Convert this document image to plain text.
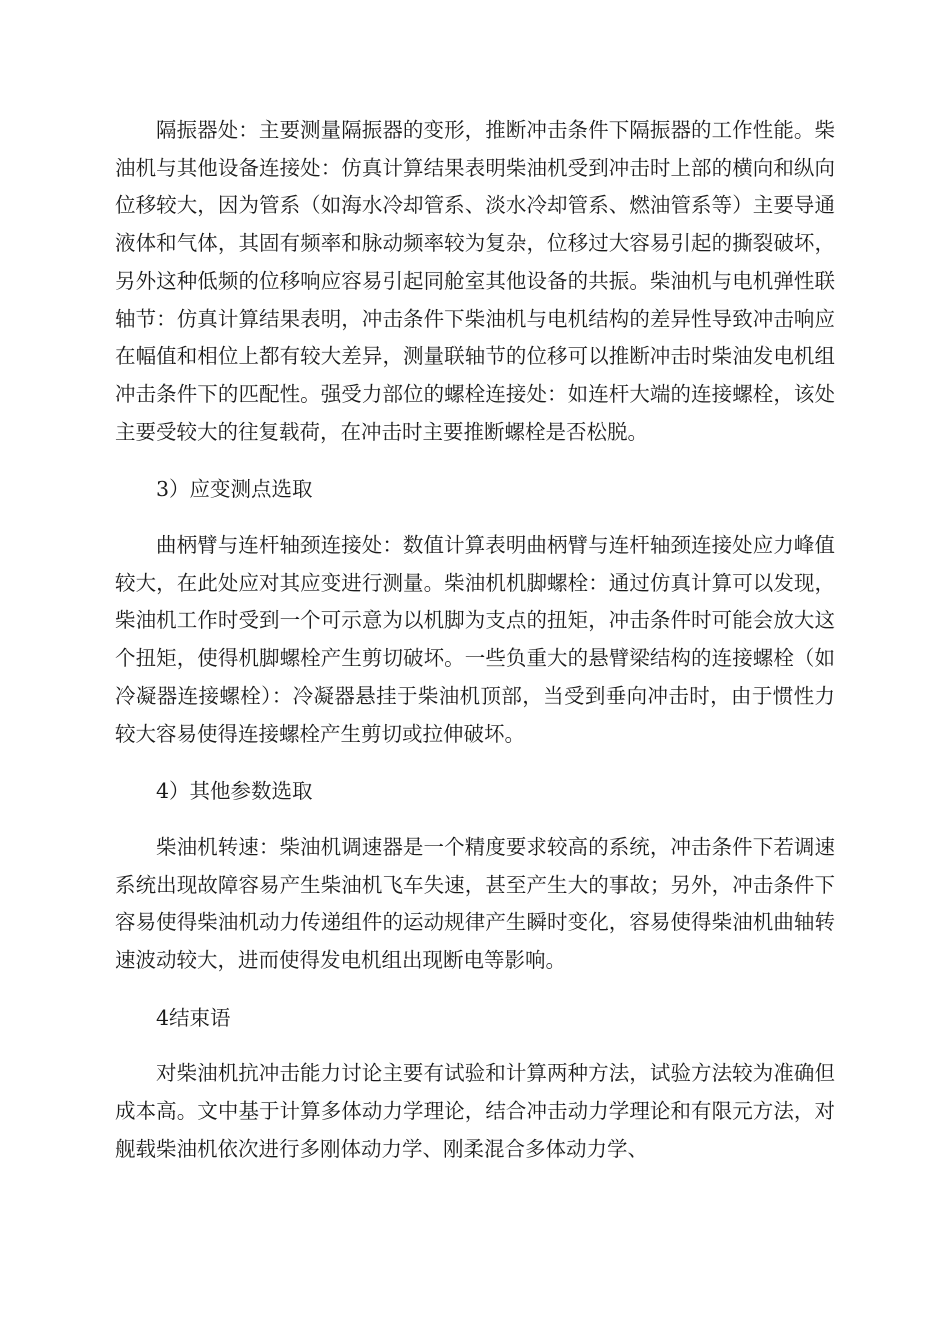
隔振器处：主要测量隔振器的变形，推断冲击条件下隔振器的工作性能。柴油机与其他设备连接处：仿真计算结果表明柴油机受到冲击时上部的横向和纵向位移较大，因为管系（如海水冷却管系、淡水冷却管系、燃油管系等）主要导通液体和气体，其固有频率和脉动频率较为复杂，位移过大容易引起的撕裂破坏，另外这种低频的位移响应容易引起同舱室其他设备的共振。柴油机与电机弹性联轴节：仿真计算结果表明，冲击条件下柴油机与电机结构的差异性导致冲击响应在幅值和相位上都有较大差异，测量联轴节的位移可以推断冲击时柴油发电机组冲击条件下的匹配性。强受力部位的螺栓连接处：如连杆大端的连接螺栓，该处主要受较大的往复载荷，在冲击时主要推断螺栓是否松脱。

3）应变测点选取

曲柄臂与连杆轴颈连接处：数值计算表明曲柄臂与连杆轴颈连接处应力峰值较大，在此处应对其应变进行测量。柴油机机脚螺栓：通过仿真计算可以发现，柴油机工作时受到一个可示意为以机脚为支点的扭矩，冲击条件时可能会放大这个扭矩，使得机脚螺栓产生剪切破坏。一些负重大的悬臂梁结构的连接螺栓（如冷凝器连接螺栓）：冷凝器悬挂于柴油机顶部，当受到垂向冲击时，由于惯性力较大容易使得连接螺栓产生剪切或拉伸破坏。

4）其他参数选取

柴油机转速：柴油机调速器是一个精度要求较高的系统，冲击条件下若调速系统出现故障容易产生柴油机飞车失速，甚至产生大的事故；另外，冲击条件下容易使得柴油机动力传递组件的运动规律产生瞬时变化，容易使得柴油机曲轴转速波动较大，进而使得发电机组出现断电等影响。

4结束语

对柴油机抗冲击能力讨论主要有试验和计算两种方法，试验方法较为准确但成本高。文中基于计算多体动力学理论，结合冲击动力学理论和有限元方法，对舰载柴油机依次进行多刚体动力学、刚柔混合多体动力学、
